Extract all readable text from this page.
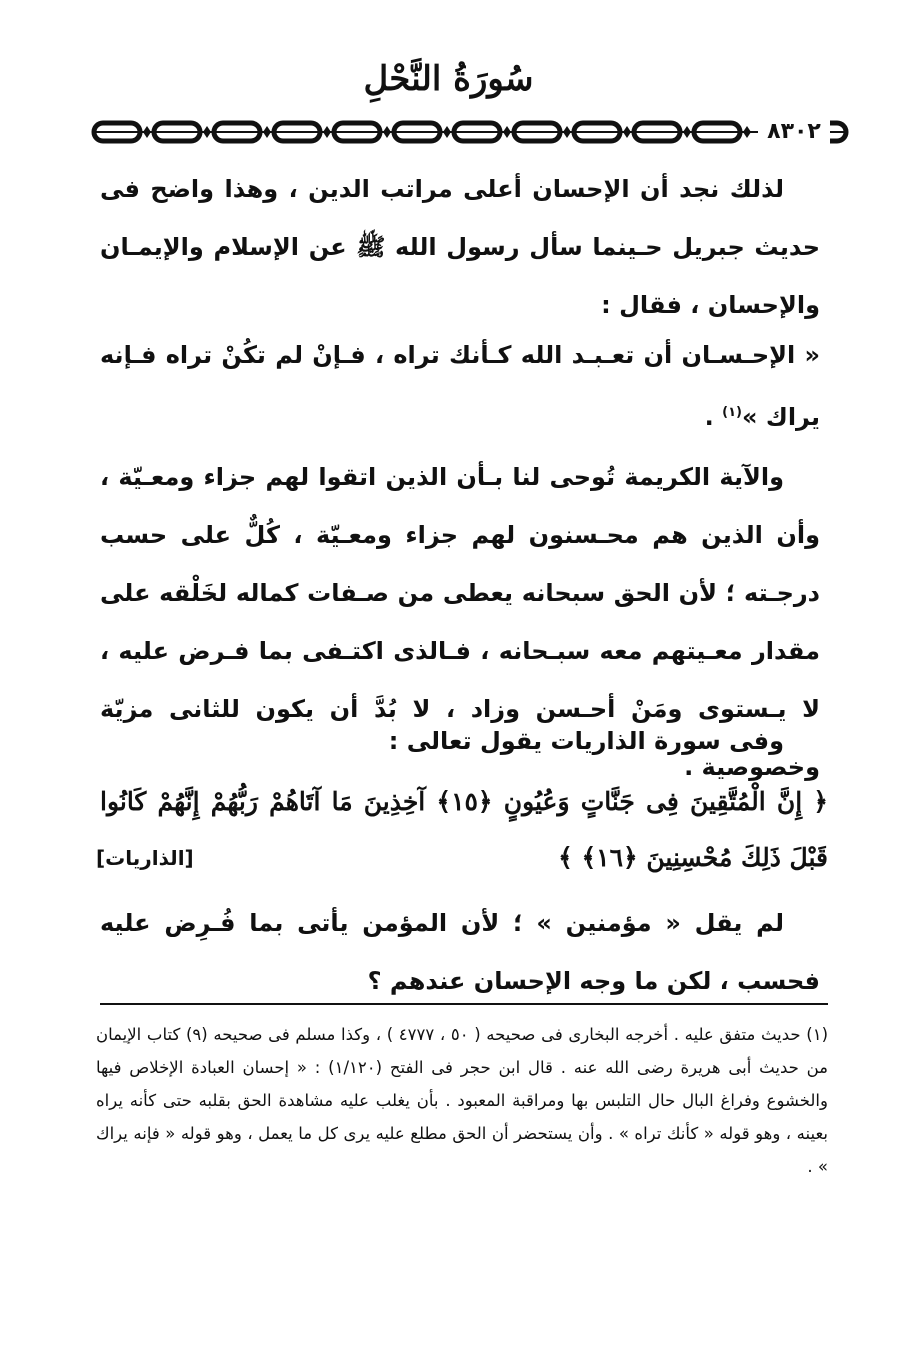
سُورَةُ النَّحْلِ
٨٣٠٢

لذلك نجد أن الإحسان أعلى مراتب الدين ، وهذا واضح فى حديث جبريل حـينما سأل رسول الله ﷺ عن الإسلام والإيمـان والإحسان ، فقال :

« الإحـسـان أن تعـبـد الله كـأنك تراه ، فـإنْ لم تكُنْ تراه فـإنه يراك »$^{(١)}$ .

والآية الكريمة تُوحى لنا بـأن الذين اتقوا لهم جزاء ومعـيّة ، وأن الذين هم محـسنون لهم جزاء ومعـيّة ، كُلٌّ على حسب درجـته ؛ لأن الحق سبحانه يعطى من صـفات كماله لخَلْقه على مقدار معـيتهم معه سبـحانه ، فـالذى اكتـفى بما فـرض عليه ، لا يـستوى ومَنْ أحـسن وزاد ، لا بُدَّ أن يكون للثانى مزيّة وخصوصية .

وفى سورة الذاريات يقول تعالى :

﴿ إِنَّ الْمُتَّقِينَ فِى جَنَّاتٍ وَعُيُونٍ ﴿١٥﴾ آخِذِينَ مَا آتَاهُمْ رَبُّهُمْ إِنَّهُمْ كَانُوا قَبْلَ ذَلِكَ مُحْسِنِينَ ﴿١٦﴾ ﴾

[الذاريات]

لم يقل « مؤمنين » ؛ لأن المؤمن يأتى بما فُـرِض عليه فحسب ، لكن ما وجه الإحسان عندهم ؟

(١) حديث متفق عليه . أخرجه البخارى فى صحيحه ( ٥٠ ، ٤٧٧٧ ) ، وكذا مسلم فى صحيحه (٩) كتاب الإيمان من حديث أبى هريرة رضى الله عنه . قال ابن حجر فى الفتح (١/١٢٠) : « إحسان العبادة الإخلاص فيها والخشوع وفراغ البال حال التلبس بها ومراقبة المعبود . بأن يغلب عليه مشاهدة الحق بقلبه حتى كأنه يراه بعينه ، وهو قوله « كأنك تراه » . وأن يستحضر أن الحق مطلع عليه يرى كل ما يعمل ، وهو قوله « فإنه يراك » .
